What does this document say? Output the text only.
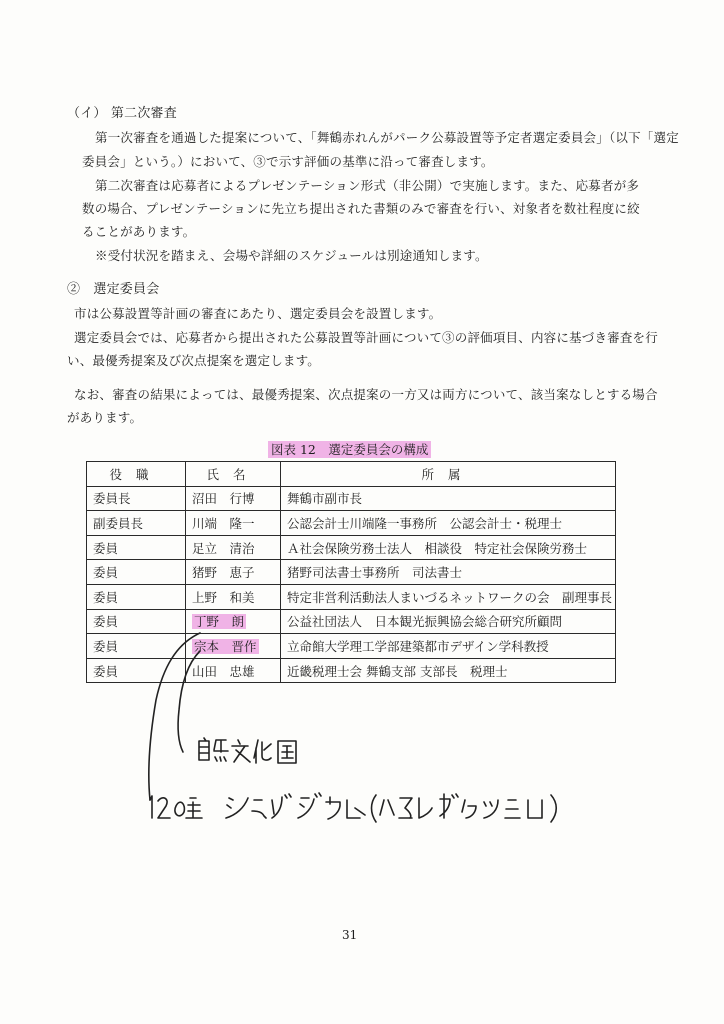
（イ） 第二次審査
第一次審査を通過した提案について、「舞鶴赤れんがパーク公募設置等予定者選定委員会」（以下「選定
委員会」という。）において、③で示す評価の基準に沿って審査します。
第二次審査は応募者によるプレゼンテーション形式（非公開）で実施します。また、応募者が多
数の場合、プレゼンテーションに先立ち提出された書類のみで審査を行い、対象者を数社程度に絞
ることがあります。
※受付状況を踏まえ、会場や詳細のスケジュールは別途通知します。
②　選定委員会
市は公募設置等計画の審査にあたり、選定委員会を設置します。
選定委員会では、応募者から提出された公募設置等計画について③の評価項目、内容に基づき審査を行
い、最優秀提案及び次点提案を選定します。
なお、審査の結果によっては、最優秀提案、次点提案の一方又は両方について、該当案なしとする場合
があります。
図表 12　選定委員会の構成
役職	氏名	所属
委員長	沼田　行博	舞鶴市副市長
副委員長	川端　隆一	公認会計士川端隆一事務所　公認会計士・税理士
委員	足立　清治	Ａ社会保険労務士法人　相談役　特定社会保険労務士
委員	猪野　恵子	猪野司法書士事務所　司法書士
委員	上野　和美	特定非営利活動法人まいづるネットワークの会　副理事長
委員	丁野　朗	公益社団法人　日本観光振興協会総合研究所顧問
委員	宗本　晋作	立命館大学理工学部建築都市デザイン学科教授
委員	山田　忠雄	近畿税理士会 舞鶴支部 支部長　税理士
31
